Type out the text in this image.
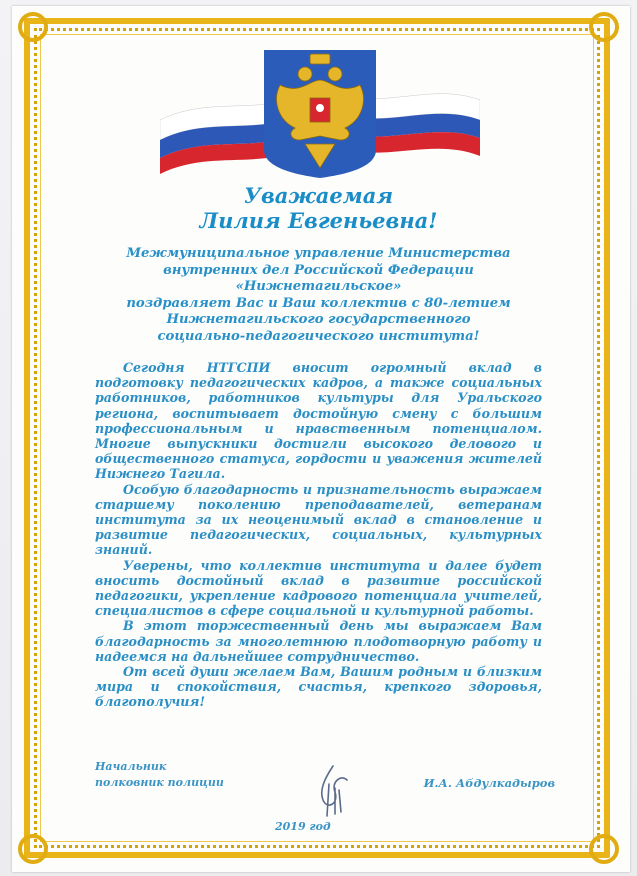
Уважаемая
Лилия Евгеньевна!
Межмуниципальное управление Министерства
внутренних дел Российской Федерации
«Нижнетагильское»
поздравляет Вас и Ваш коллектив с 80-летием
Нижнетагильского государственного
социально-педагогического института!

Сегодня НТГСПИ вносит огромный вклад в подготовку педагогических кадров, а также социальных работников, работников культуры для Уральского региона, воспитывает достойную смену с большим профессиональным и нравственным потенциалом. Многие выпускники достигли высокого делового и общественного статуса, гордости и уважения жителей Нижнего Тагила.

Особую благодарность и признательность выражаем старшему поколению преподавателей, ветеранам института за их неоценимый вклад в становление и развитие педагогических, социальных, культурных знаний.

Уверены, что коллектив института и далее будет вносить достойный вклад в развитие российской педагогики, укрепление кадрового потенциала учителей, специалистов в сфере социальной и культурной работы.

В этот торжественный день мы выражаем Вам благодарность за многолетнюю плодотворную работу и надеемся на дальнейшее сотрудничество.

От всей души желаем Вам, Вашим родным и близким мира и спокойствия, счастья, крепкого здоровья, благополучия!

Начальник
полковник полиции	И.А. Абдулкадыров
2019 год
